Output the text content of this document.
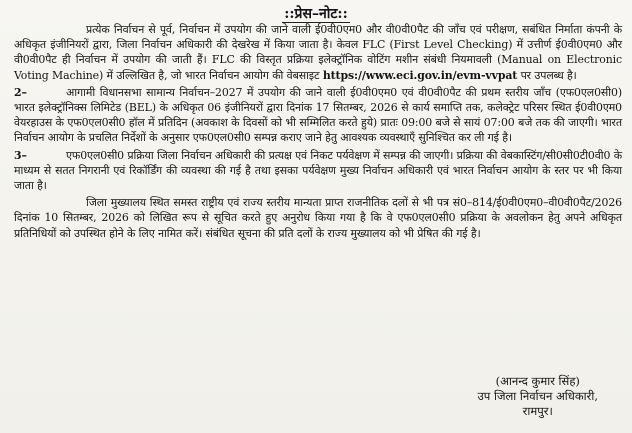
::प्रेस–नोट::

प्रत्येक निर्वाचन से पूर्व, निर्वाचन में उपयोग की जाने वाली ई0वी0एम0 और वी0वी0पैट की जाँच एवं परीक्षण, सबंधित निर्माता कंपनी के अधिकृत इंजीनियरों द्वारा, जिला निर्वाचन अधिकारी की देखरेख में किया जाता है। केवल FLC (First Level Checking) में उत्तीर्ण ई0वी0एम0 और वी0वी0पैट ही निर्वाचन में उपयोग की जाती हैं। FLC की विस्तृत प्रक्रिया इलेक्ट्रॉनिक वोटिंग मशीन संबंधी नियमावली (Manual on Electronic Voting Machine) में उल्लिखित है, जो भारत निर्वाचन आयोग की वेबसाइट https://www.eci.gov.in/evm-vvpat पर उपलब्ध है।

2–	आगामी विधानसभा सामान्य निर्वाचन–2027 में उपयोग की जाने वाली ई0वी0एम0 एवं वी0वी0पैट की प्रथम स्तरीय जाँच (एफ0एल0सी0) भारत इलेक्ट्रॉनिक्स लिमिटेड (BEL) के अधिकृत 06 इंजीनियरों द्वारा दिनांक 17 सितम्बर, 2026 से कार्य समाप्ति तक, कलेक्ट्रेट परिसर स्थित ई0वी0एम0 वेयरहाउस के एफ0एल0सी0 हॉल में प्रतिदिन (अवकाश के दिवसों को भी सम्मिलित करते हुये) प्रातः 09:00 बजे से सायं 07:00 बजे तक की जाएगी। भारत निर्वाचन आयोग के प्रचलित निर्देशों के अनुसार एफ0एल0सी0 सम्पन्न कराए जाने हेतु आवश्यक व्यवस्थाएँ सुनिश्चित कर ली गई है।

3–	एफ0एल0सी0 प्रक्रिया जिला निर्वाचन अधिकारी की प्रत्यक्ष एवं निकट पर्यवेक्षण में सम्पन्न की जाएगी। प्रक्रिया की वेबकास्टिंग/सी0सी0टी0वी0 के माध्यम से सतत निगरानी एवं रिकॉर्डिंग की व्यवस्था की गई है तथा इसका पर्यवेक्षण मुख्य निर्वाचन अधिकारी एवं भारत निर्वाचन आयोग के स्तर पर भी किया जाता है।

जिला मुख्यालय स्थित समस्त राष्ट्रीय एवं राज्य स्तरीय मान्यता प्राप्त राजनीतिक दलों से भी पत्र सं0–814/ई0वी0एम0–वी0वी0पैट/2026 दिनांक 10 सितम्बर, 2026 को लिखित रूप से सूचित करते हुए अनुरोध किया गया है कि वे एफ0एल0सी0 प्रक्रिया के अवलोकन हेतु अपने अधिकृत प्रतिनिधियों को उपस्थित होने के लिए नामित करें। संबंधित सूचना की प्रति दलों के राज्य मुख्यालय को भी प्रेषित की गई है।

(आनन्द कुमार सिंह)
उप जिला निर्वाचन अधिकारी,
रामपुर।
